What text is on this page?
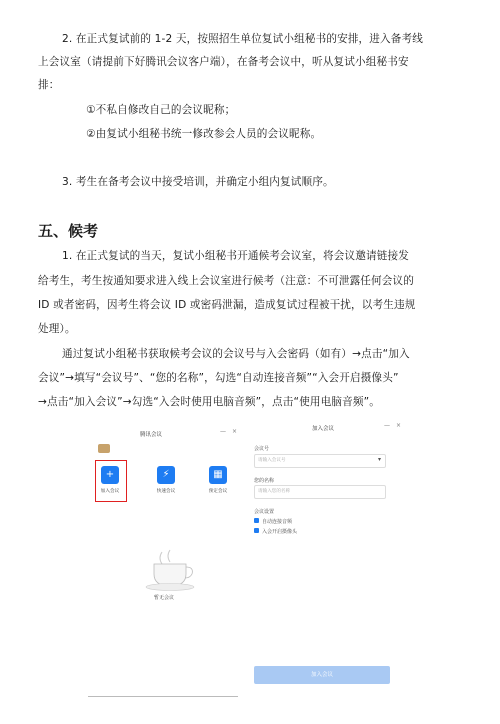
2. 在正式复试前的 1-2 天，按照招生单位复试小组秘书的安排，进入备考线
上会议室（请提前下好腾讯会议客户端），在备考会议中，听从复试小组秘书安
排：
①不私自修改自己的会议昵称；
②由复试小组秘书统一修改参会人员的会议昵称。
3. 考生在备考会议中接受培训，并确定小组内复试顺序。
五、候考
1. 在正式复试的当天，复试小组秘书开通候考会议室，将会议邀请链接发
给考生，考生按通知要求进入线上会议室进行候考（注意：不可泄露任何会议的
ID 或者密码，因考生将会议 ID 或密码泄漏，造成复试过程被干扰，以考生违规
处理）。
通过复试小组秘书获取候考会议的会议号与入会密码（如有）→点击“加入
会议”→填写“会议号”、“您的名称”，勾选“自动连接音频”“入会开启摄像头”
→点击“加入会议”→勾选“入会时使用电脑音频”，点击“使用电脑音频”。
腾讯会议	— ×
+
加入会议
⚡
快速会议
▦
预定会议
暂无会议
加入会议	— ×
会议号
请输入会议号	▾
您的名称
请输入您的名称
会议设置
自动连接音频
入会开启摄像头
加入会议
